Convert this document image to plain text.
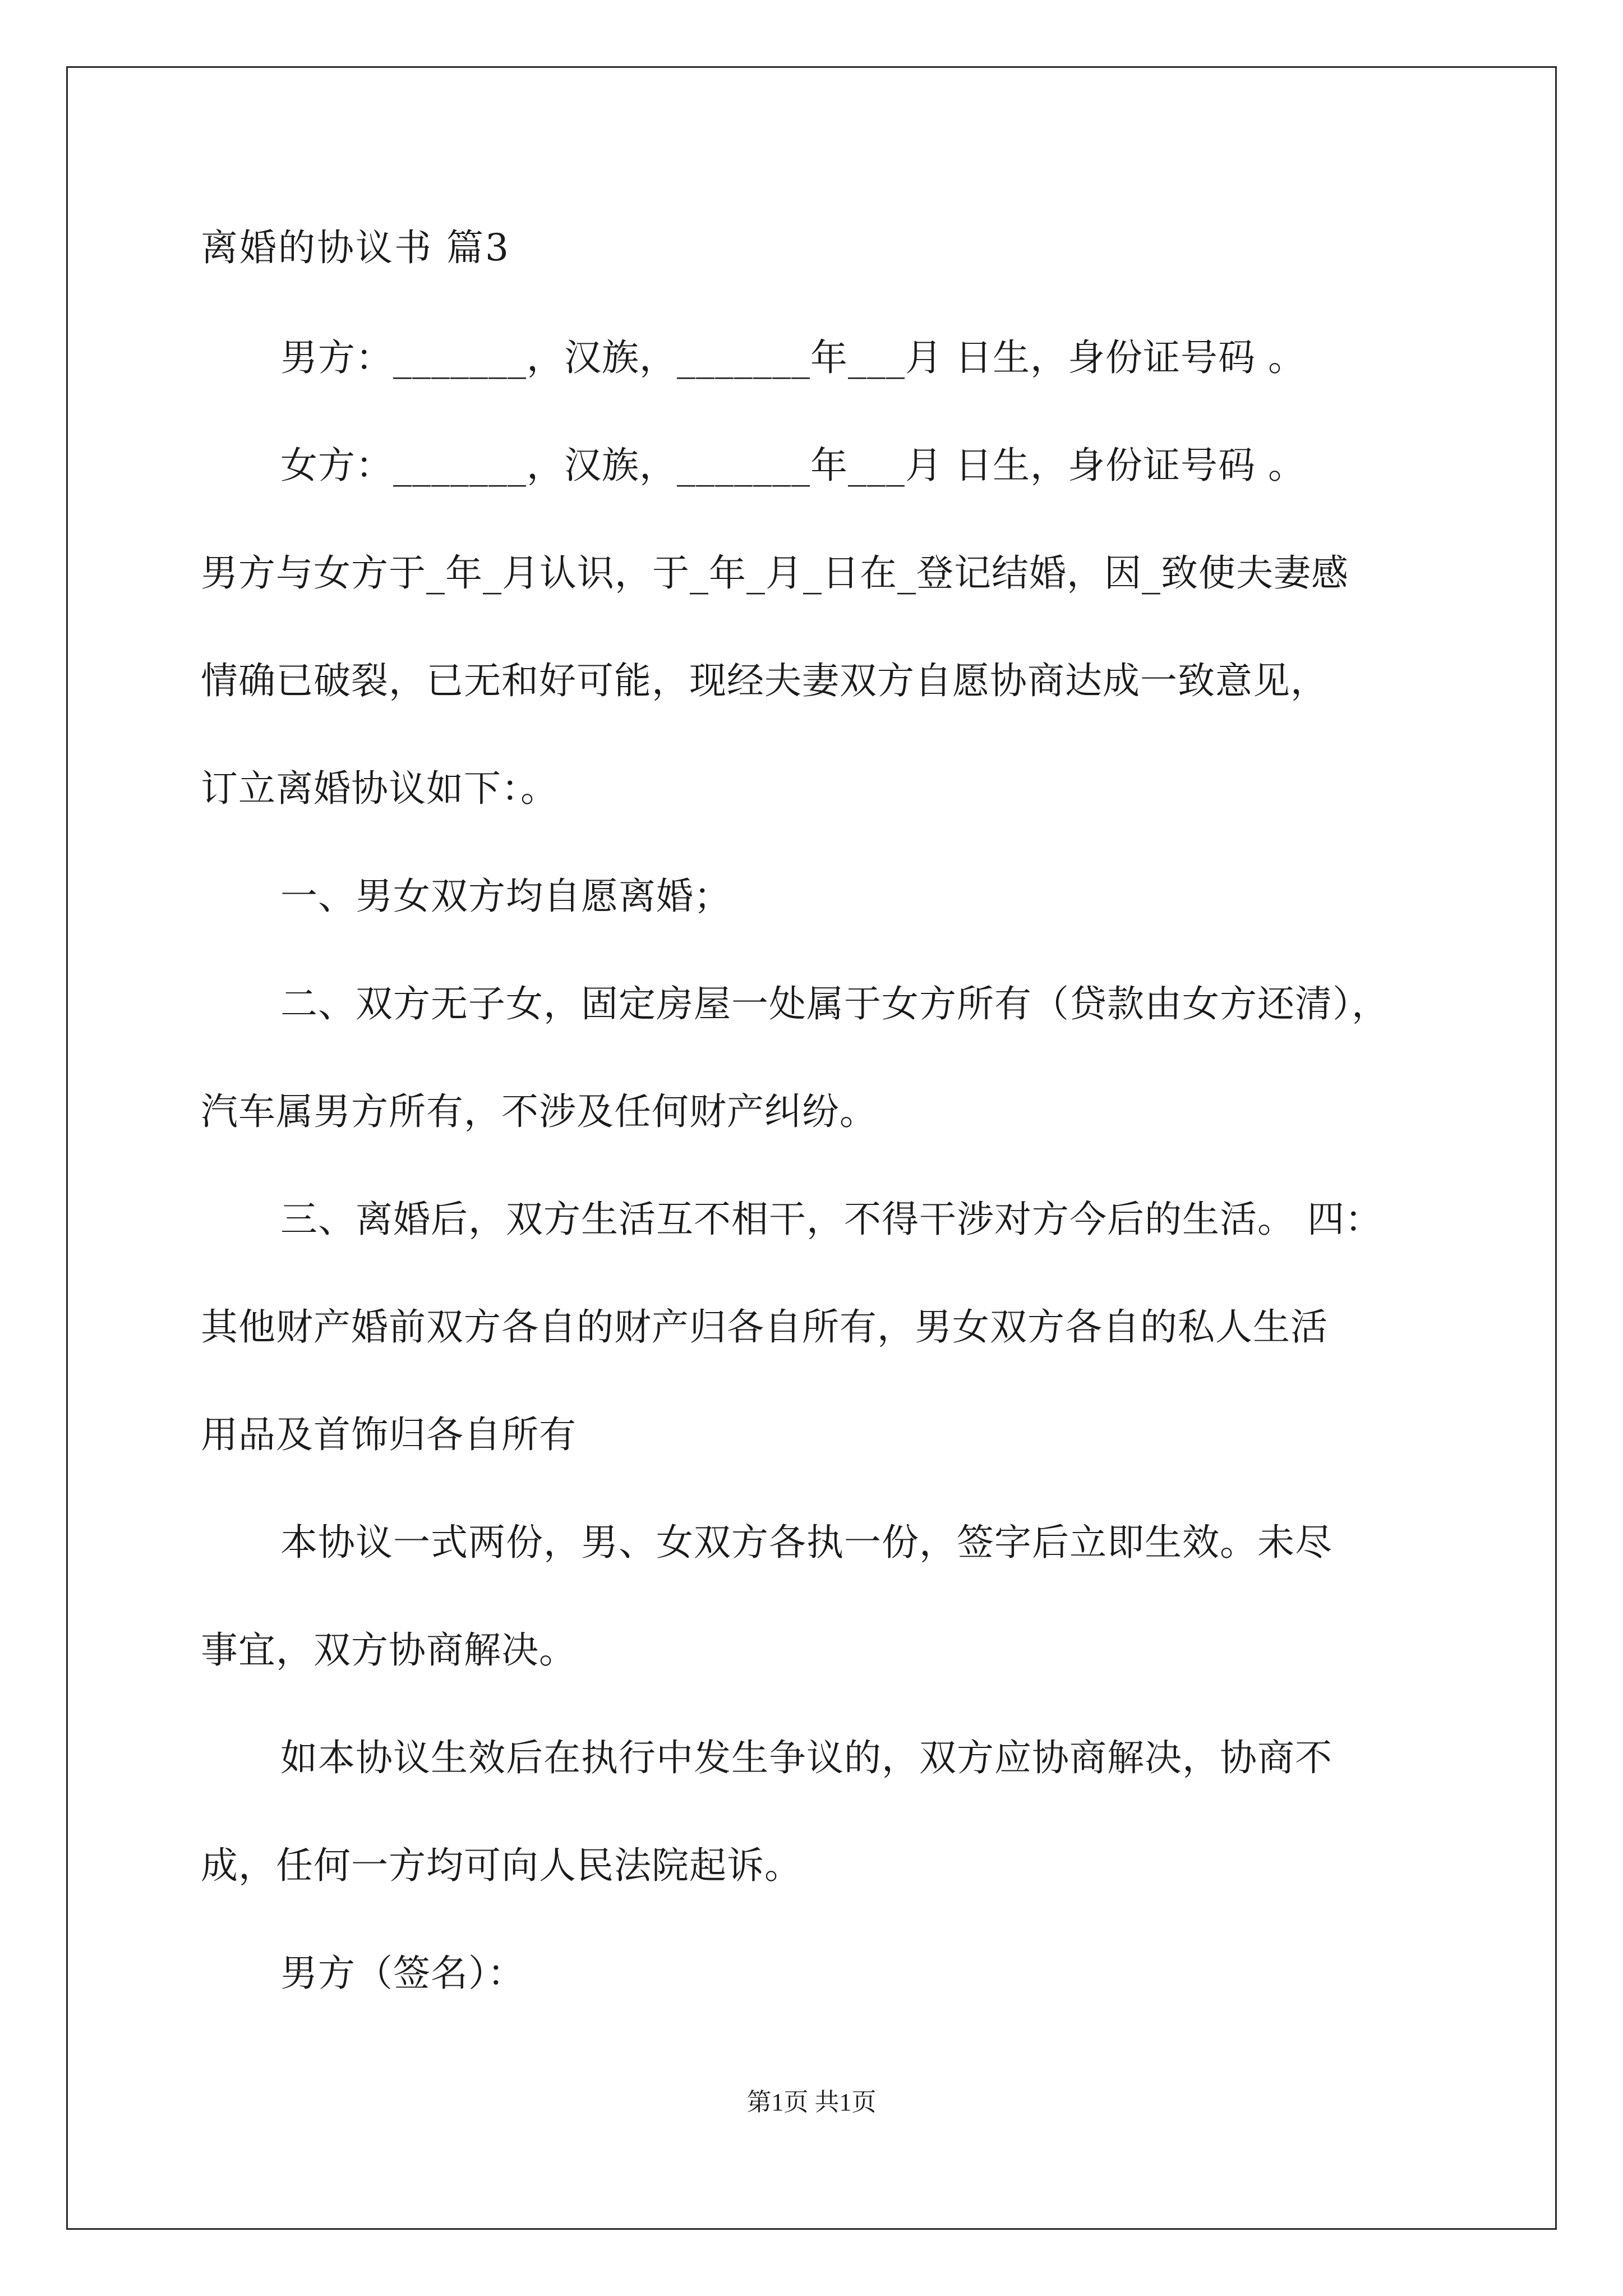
离婚的协议书 篇3
男方：_______，汉族，_______年___月 日生，身份证号码 。
女方：_______，汉族，_______年___月 日生，身份证号码 。
男方与女方于_年_月认识，于_年_月_日在_登记结婚，因_致使夫妻感
情确已破裂，已无和好可能，现经夫妻双方自愿协商达成一致意见，
订立离婚协议如下：。
一、男女双方均自愿离婚；
二、双方无子女，固定房屋一处属于女方所有（贷款由女方还清），
汽车属男方所有，不涉及任何财产纠纷。
三、离婚后，双方生活互不相干，不得干涉对方今后的生活。 四：
其他财产婚前双方各自的财产归各自所有，男女双方各自的私人生活
用品及首饰归各自所有
本协议一式两份，男、女双方各执一份，签字后立即生效。未尽
事宜，双方协商解决。
如本协议生效后在执行中发生争议的，双方应协商解决，协商不
成，任何一方均可向人民法院起诉。
男方（签名）：
第1页 共1页
